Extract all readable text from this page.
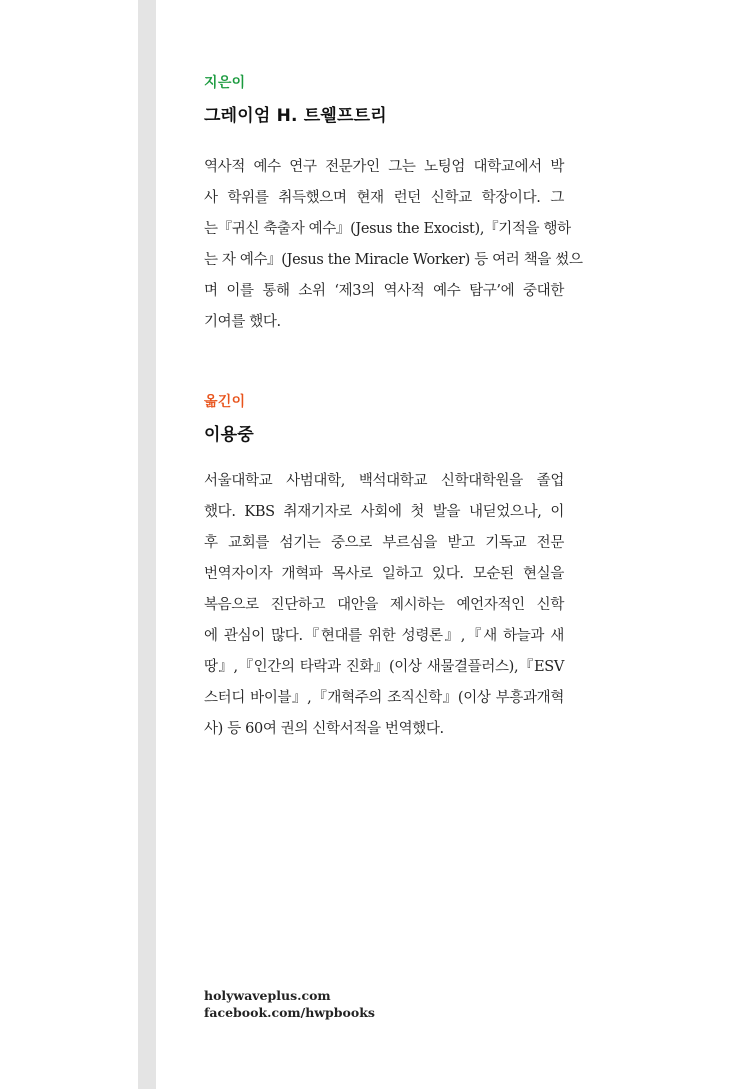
지은이
그레이엄 H. 트웰프트리
역사적 예수 연구 전문가인 그는 노팅엄 대학교에서 박
사 학위를 취득했으며 현재 런던 신학교 학장이다. 그
는『귀신 축출자 예수』(Jesus the Exocist),『기적을 행하
는 자 예수』(Jesus the Miracle Worker) 등 여러 책을 썼으
며 이를 통해 소위 ‘제3의 역사적 예수 탐구’에 중대한
기여를 했다.
옮긴이
이용중
서울대학교 사범대학, 백석대학교 신학대학원을 졸업
했다. KBS 취재기자로 사회에 첫 발을 내딛었으나, 이
후 교회를 섬기는 중으로 부르심을 받고 기독교 전문
번역자이자 개혁파 목사로 일하고 있다. 모순된 현실을
복음으로 진단하고 대안을 제시하는 예언자적인 신학
에 관심이 많다.『현대를 위한 성령론』,『새 하늘과 새
땅』,『인간의 타락과 진화』(이상 새물결플러스),『ESV
스터디 바이블』,『개혁주의 조직신학』(이상 부흥과개혁
사) 등 60여 권의 신학서적을 번역했다.
holywaveplus.com
facebook.com/hwpbooks
